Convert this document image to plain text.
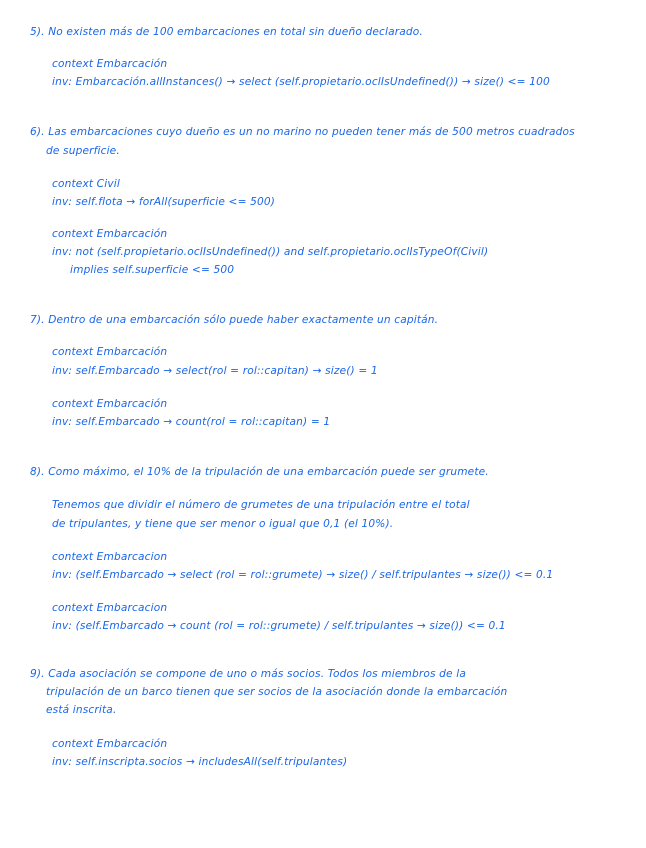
5). No existen más de 100 embarcaciones en total sin dueño declarado.
context Embarcación
inv: Embarcación.allInstances() → select (self.propietario.oclIsUndefined()) → size() <= 100
6). Las embarcaciones cuyo dueño es un no marino no pueden tener más de 500 metros cuadrados
de superficie.
context Civil
inv: self.flota → forAll(superficie <= 500)
context Embarcación
inv: not (self.propietario.oclIsUndefined()) and self.propietario.oclIsTypeOf(Civil)
implies self.superficie <= 500
7). Dentro de una embarcación sólo puede haber exactamente un capitán.
context Embarcación
inv: self.Embarcado → select(rol = rol::capitan) → size() = 1
context Embarcación
inv: self.Embarcado → count(rol = rol::capitan) = 1
8). Como máximo, el 10% de la tripulación de una embarcación puede ser grumete.
Tenemos que dividir el número de grumetes de una tripulación entre el total
de tripulantes, y tiene que ser menor o igual que 0,1 (el 10%).
context Embarcacion
inv: (self.Embarcado → select (rol = rol::grumete) → size() / self.tripulantes → size()) <= 0.1
context Embarcacion
inv: (self.Embarcado → count (rol = rol::grumete) / self.tripulantes → size()) <= 0.1
9). Cada asociación se compone de uno o más socios. Todos los miembros de la
tripulación de un barco tienen que ser socios de la asociación donde la embarcación
está inscrita.
context Embarcación
inv: self.inscripta.socios → includesAll(self.tripulantes)
